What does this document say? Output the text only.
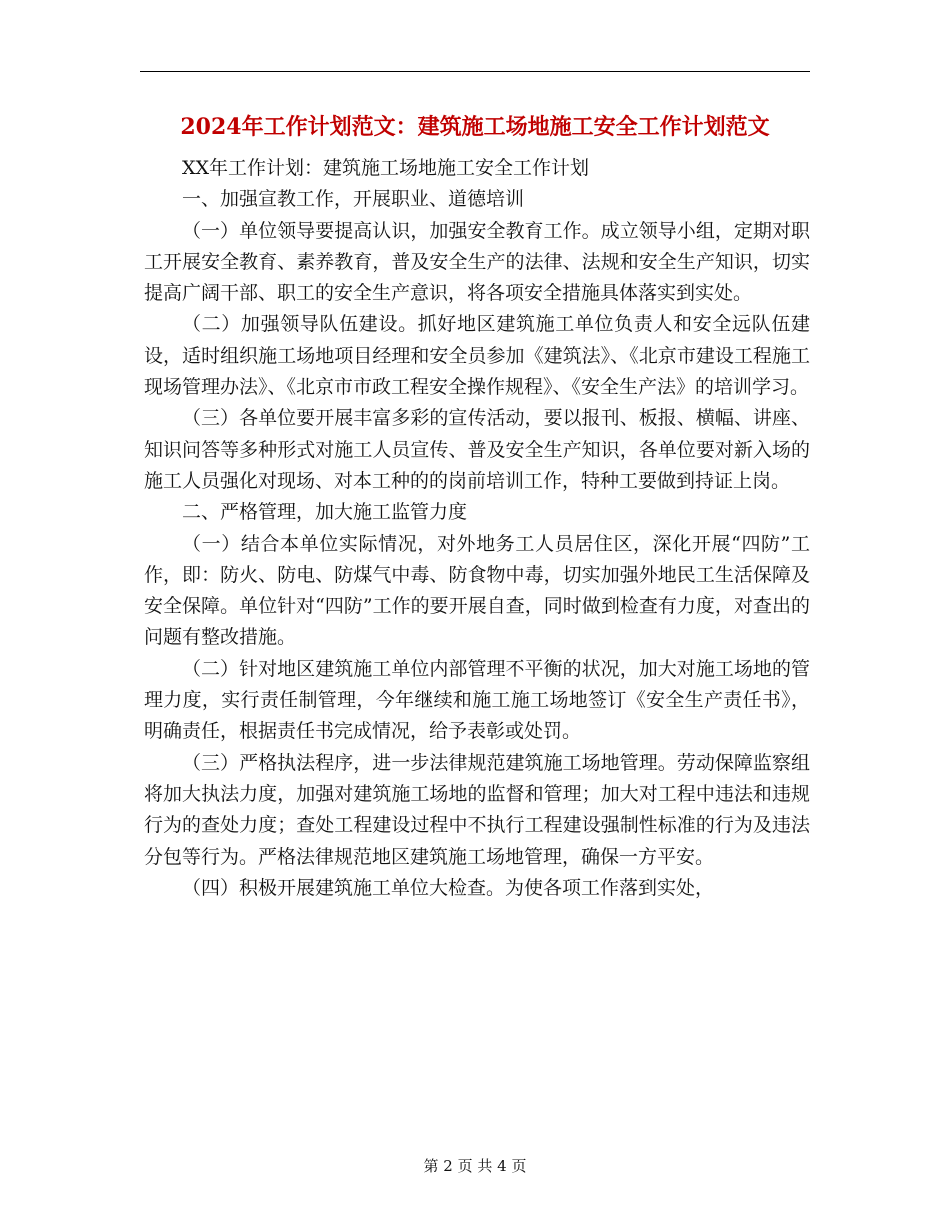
2024年工作计划范文：建筑施工场地施工安全工作计划范文

XX年工作计划：建筑施工场地施工安全工作计划

一、加强宣教工作，开展职业、道德培训

（一）单位领导要提高认识，加强安全教育工作。成立领导小组，定期对职工开展安全教育、素养教育，普及安全生产的法律、法规和安全生产知识，切实提高广阔干部、职工的安全生产意识，将各项安全措施具体落实到实处。

（二）加强领导队伍建设。抓好地区建筑施工单位负责人和安全远队伍建设，适时组织施工场地项目经理和安全员参加《建筑法》、《北京市建设工程施工现场管理办法》、《北京市市政工程安全操作规程》、《安全生产法》的培训学习。

（三）各单位要开展丰富多彩的宣传活动，要以报刊、板报、横幅、讲座、知识问答等多种形式对施工人员宣传、普及安全生产知识，各单位要对新入场的施工人员强化对现场、对本工种的的岗前培训工作，特种工要做到持证上岗。

二、严格管理，加大施工监管力度

（一）结合本单位实际情况，对外地务工人员居住区，深化开展“四防”工作，即：防火、防电、防煤气中毒、防食物中毒，切实加强外地民工生活保障及安全保障。单位针对“四防”工作的要开展自查，同时做到检查有力度，对查出的问题有整改措施。

（二）针对地区建筑施工单位内部管理不平衡的状况，加大对施工场地的管理力度，实行责任制管理，今年继续和施工施工场地签订《安全生产责任书》，明确责任，根据责任书完成情况，给予表彰或处罚。

（三）严格执法程序，进一步法律规范建筑施工场地管理。劳动保障监察组将加大执法力度，加强对建筑施工场地的监督和管理；加大对工程中违法和违规行为的查处力度；查处工程建设过程中不执行工程建设强制性标准的行为及违法分包等行为。严格法律规范地区建筑施工场地管理，确保一方平安。

（四）积极开展建筑施工单位大检查。为使各项工作落到实处，

第 2 页 共 4 页
